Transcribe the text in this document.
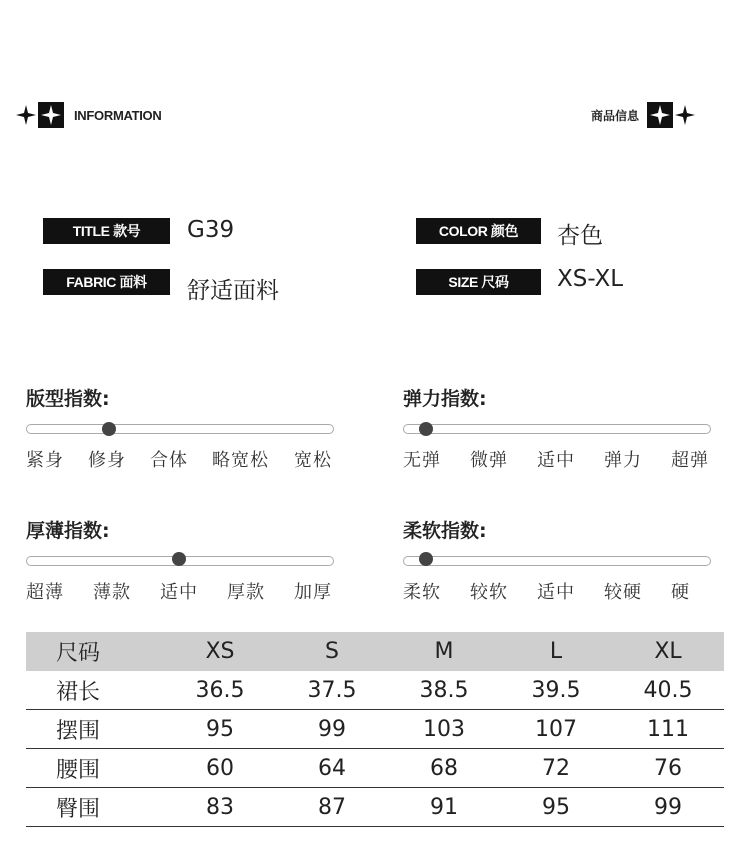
INFORMATION	商品信息
TITLE 款号	G39
FABRIC 面料	舒适面料
COLOR 颜色	杏色
SIZE 尺码	XS-XL
版型指数:
紧身 修身 合体 略宽松 宽松
弹力指数:
无弹 微弹 适中 弹力 超弹
厚薄指数:
超薄 薄款 适中 厚款 加厚
柔软指数:
柔软 较软 适中 较硬 硬
尺码	XS	S	M	L	XL
裙长	36.5	37.5	38.5	39.5	40.5
摆围	95	99	103	107	111
腰围	60	64	68	72	76
臀围	83	87	91	95	99
